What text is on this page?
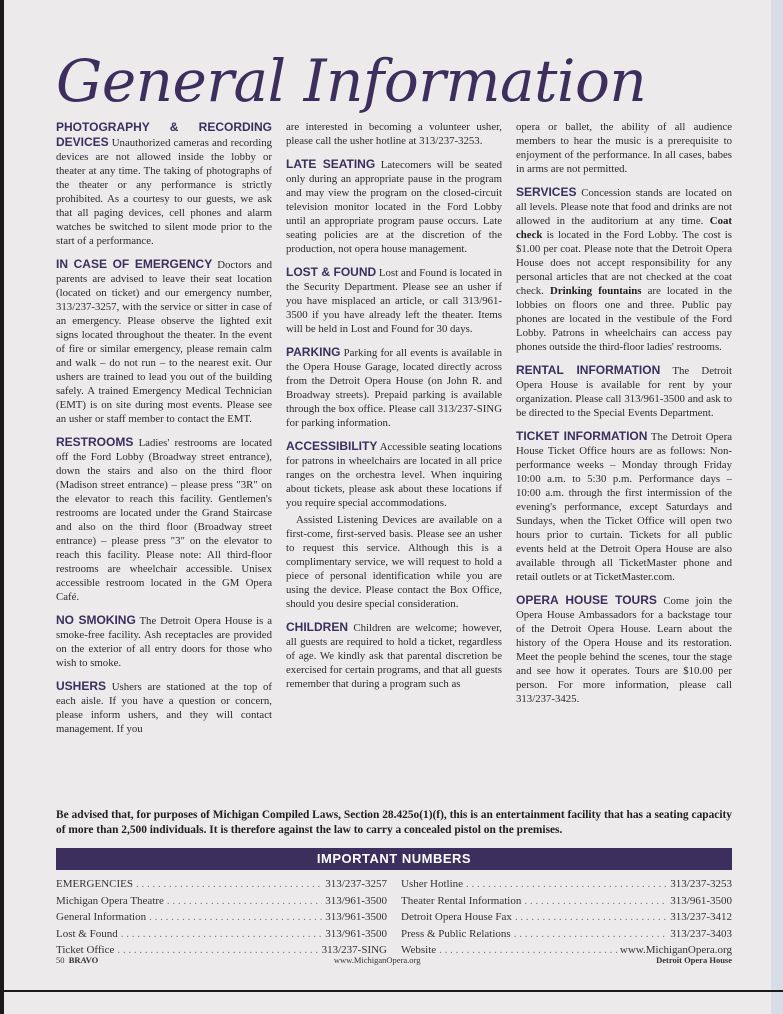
General Information

PHOTOGRAPHY & RECORDING DEVICES Unauthorized cameras and recording devices are not allowed inside the lobby or theater at any time. The taking of photographs of the theater or any performance is strictly prohibited. As a courtesy to our guests, we ask that all paging devices, cell phones and alarm watches be switched to silent mode prior to the start of a performance.

IN CASE OF EMERGENCY Doctors and parents are advised to leave their seat location (located on ticket) and our emergency number, 313/237-3257, with the service or sitter in case of an emergency. Please observe the lighted exit signs located throughout the theater. In the event of fire or similar emergency, please remain calm and walk – do not run – to the nearest exit. Our ushers are trained to lead you out of the building safely. A trained Emergency Medical Technician (EMT) is on site during most events. Please see an usher or staff member to contact the EMT.

RESTROOMS Ladies' restrooms are located off the Ford Lobby (Broadway street entrance), down the stairs and also on the third floor (Madison street entrance) – please press "3R" on the elevator to reach this facility. Gentlemen's restrooms are located under the Grand Staircase and also on the third floor (Broadway street entrance) – please press "3" on the elevator to reach this facility. Please note: All third-floor restrooms are wheelchair accessible. Unisex accessible restroom located in the GM Opera Café.

NO SMOKING The Detroit Opera House is a smoke-free facility. Ash receptacles are provided on the exterior of all entry doors for those who wish to smoke.

USHERS Ushers are stationed at the top of each aisle. If you have a question or concern, please inform ushers, and they will contact management. If you

are interested in becoming a volunteer usher, please call the usher hotline at 313/237-3253.

LATE SEATING Latecomers will be seated only during an appropriate pause in the program and may view the program on the closed-circuit television monitor located in the Ford Lobby until an appropriate program pause occurs. Late seating policies are at the discretion of the production, not opera house management.

LOST & FOUND Lost and Found is located in the Security Department. Please see an usher if you have misplaced an article, or call 313/961-3500 if you have already left the theater. Items will be held in Lost and Found for 30 days.

PARKING Parking for all events is available in the Opera House Garage, located directly across from the Detroit Opera House (on John R. and Broadway streets). Prepaid parking is available through the box office. Please call 313/237-SING for parking information.

ACCESSIBILITY Accessible seating locations for patrons in wheelchairs are located in all price ranges on the orchestra level. When inquiring about tickets, please ask about these locations if you require special accommodations.

Assisted Listening Devices are available on a first-come, first-served basis. Please see an usher to request this service. Although this is a complimentary service, we will request to hold a piece of personal identification while you are using the device. Please contact the Box Office, should you desire special consideration.

CHILDREN Children are welcome; however, all guests are required to hold a ticket, regardless of age. We kindly ask that parental discretion be exercised for certain programs, and that all guests remember that during a program such as

opera or ballet, the ability of all audience members to hear the music is a prerequisite to enjoyment of the performance. In all cases, babes in arms are not permitted.

SERVICES Concession stands are located on all levels. Please note that food and drinks are not allowed in the auditorium at any time. Coat check is located in the Ford Lobby. The cost is $1.00 per coat. Please note that the Detroit Opera House does not accept responsibility for any personal articles that are not checked at the coat check. Drinking fountains are located in the lobbies on floors one and three. Public pay phones are located in the vestibule of the Ford Lobby. Patrons in wheelchairs can access pay phones outside the third-floor ladies' restrooms.

RENTAL INFORMATION The Detroit Opera House is available for rent by your organization. Please call 313/961-3500 and ask to be directed to the Special Events Department.

TICKET INFORMATION The Detroit Opera House Ticket Office hours are as follows: Non-performance weeks – Monday through Friday 10:00 a.m. to 5:30 p.m. Performance days – 10:00 a.m. through the first intermission of the evening's performance, except Saturdays and Sundays, when the Ticket Office will open two hours prior to curtain. Tickets for all public events held at the Detroit Opera House are also available through all TicketMaster phone and retail outlets or at TicketMaster.com.

OPERA HOUSE TOURS Come join the Opera House Ambassadors for a backstage tour of the Detroit Opera House. Learn about the history of the Opera House and its restoration. Meet the people behind the scenes, tour the stage and see how it operates. Tours are $10.00 per person. For more information, please call 313/237-3425.

Be advised that, for purposes of Michigan Compiled Laws, Section 28.425o(1)(f), this is an entertainment facility that has a seating capacity of more than 2,500 individuals. It is therefore against the law to carry a concealed pistol on the premises.
IMPORTANT NUMBERS
EMERGENCIES . . .	313/237-3257
Michigan Opera Theatre . . .	313/961-3500
General Information . . .	313/961-3500
Lost & Found . . .	313/961-3500
Ticket Office . . .	313/237-SING
Usher Hotline . . .	313/237-3253
Theater Rental Information . . .	313/961-3500
Detroit Opera House Fax . . .	313/237-3412
Press & Public Relations . . .	313/237-3403
Website . . .	www.MichiganOpera.org
50 BRAVO	www.MichiganOpera.org	Detroit Opera House
